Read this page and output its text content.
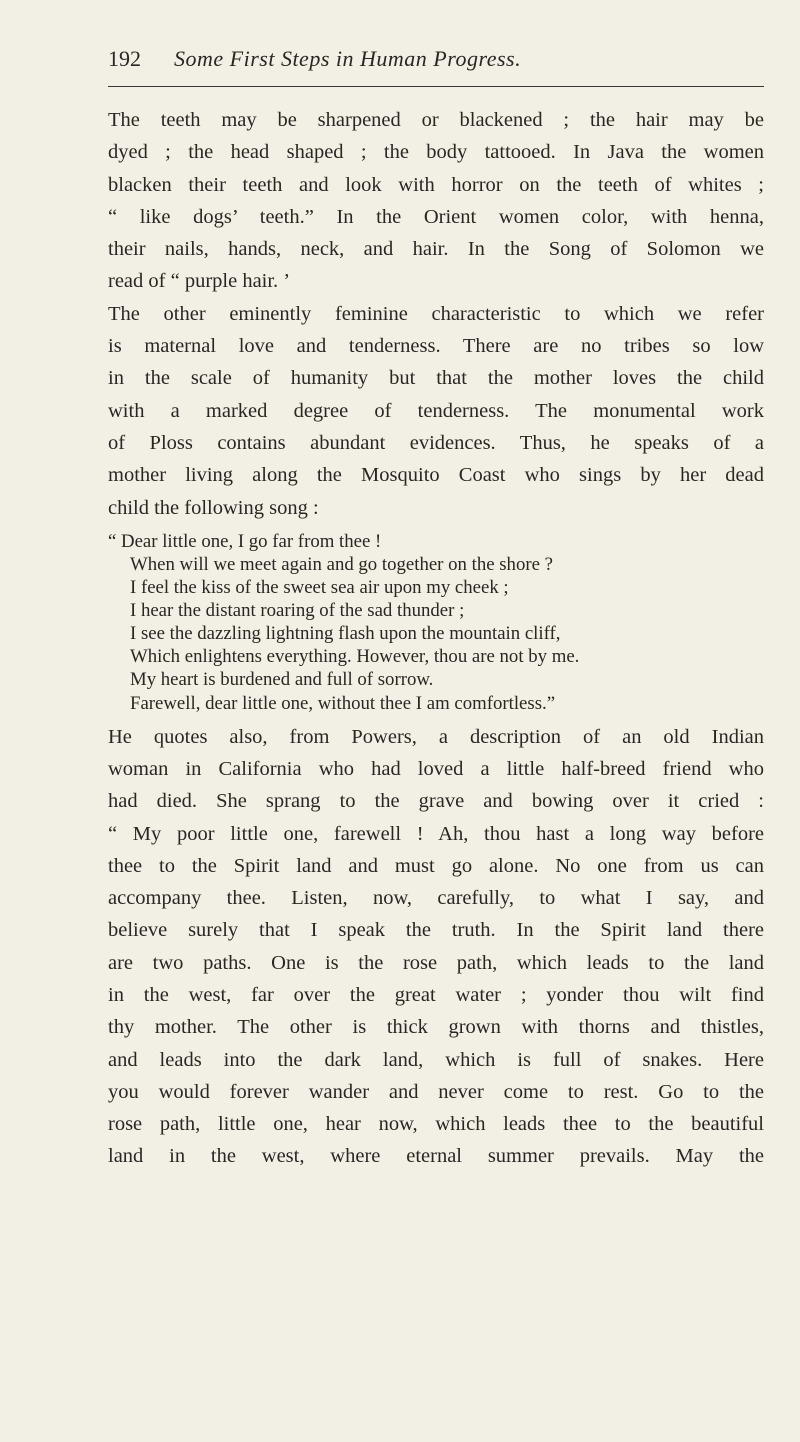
192	Some First Steps in Human Progress.
The teeth may be sharpened or blackened ; the hair may be
dyed ; the head shaped ; the body tattooed. In Java the women
blacken their teeth and look with horror on the teeth of whites ;
“ like dogs’ teeth.” In the Orient women color, with henna,
their nails, hands, neck, and hair. In the Song of Solomon we
read of “ purple hair. ’
The other eminently feminine characteristic to which we refer
is maternal love and tenderness. There are no tribes so low
in the scale of humanity but that the mother loves the child
with a marked degree of tenderness. The monumental work
of Ploss contains abundant evidences. Thus, he speaks of a
mother living along the Mosquito Coast who sings by her dead
child the following song :
“ Dear little one, I go far from thee !
When will we meet again and go together on the shore ?
I feel the kiss of the sweet sea air upon my cheek ;
I hear the distant roaring of the sad thunder ;
I see the dazzling lightning flash upon the mountain cliff,
Which enlightens everything. However, thou are not by me.
My heart is burdened and full of sorrow.
Farewell, dear little one, without thee I am comfortless.”
He quotes also, from Powers, a description of an old Indian
woman in California who had loved a little half-breed friend who
had died. She sprang to the grave and bowing over it cried :
“ My poor little one, farewell ! Ah, thou hast a long way before
thee to the Spirit land and must go alone. No one from us can
accompany thee. Listen, now, carefully, to what I say, and
believe surely that I speak the truth. In the Spirit land there
are two paths. One is the rose path, which leads to the land
in the west, far over the great water ; yonder thou wilt find
thy mother. The other is thick grown with thorns and thistles,
and leads into the dark land, which is full of snakes. Here
you would forever wander and never come to rest. Go to the
rose path, little one, hear now, which leads thee to the beautiful
land in the west, where eternal summer prevails. May the
